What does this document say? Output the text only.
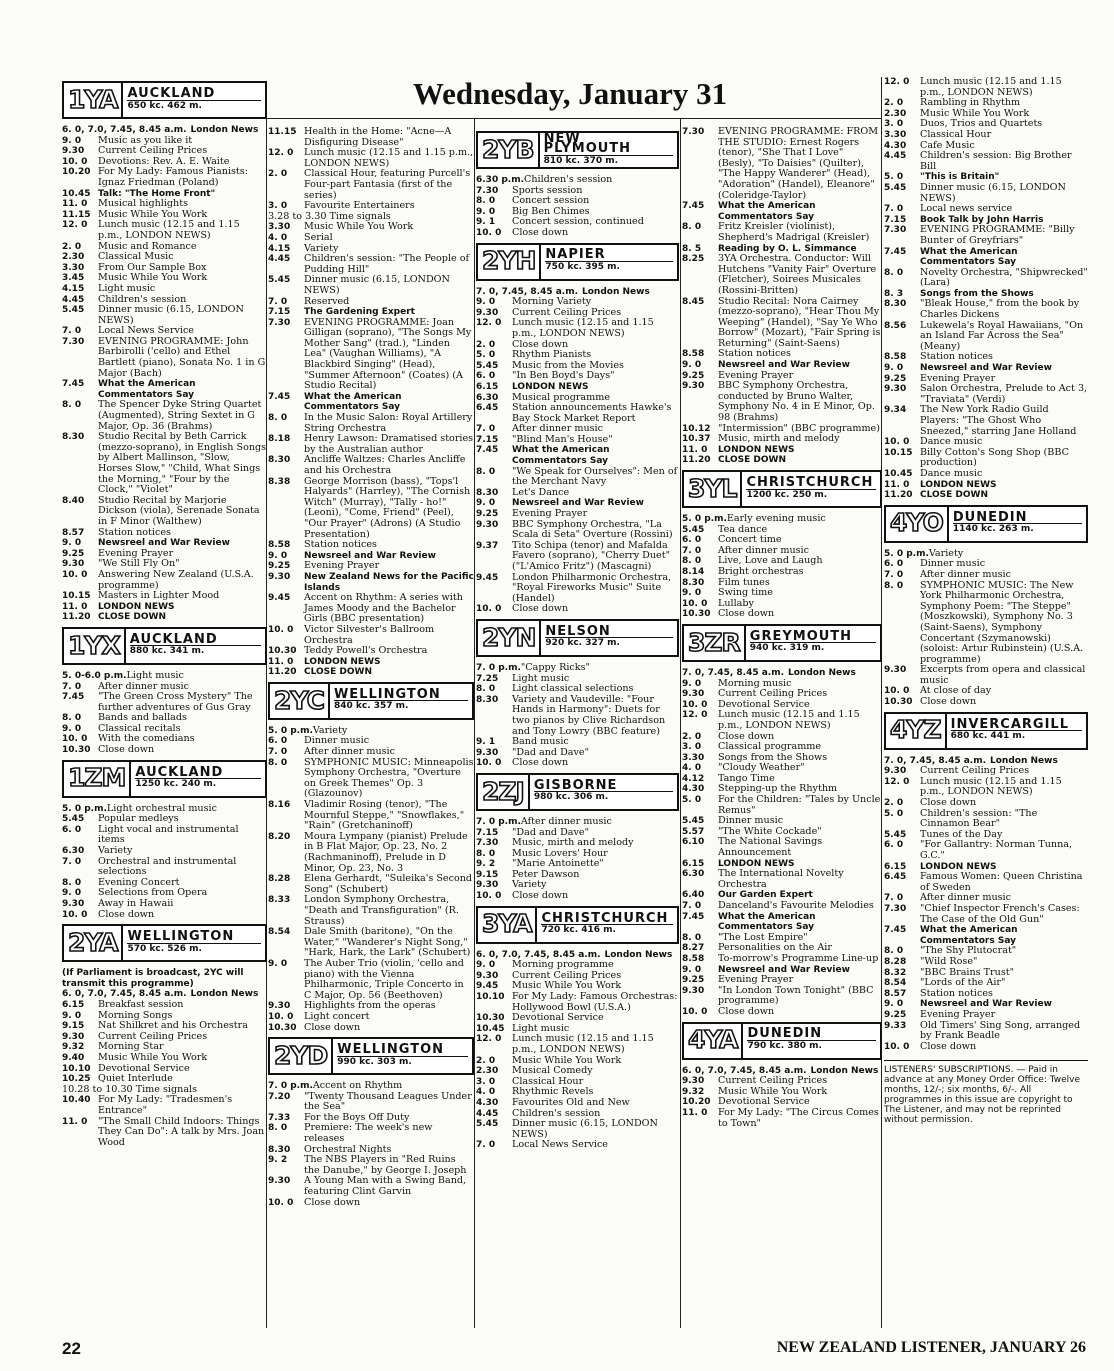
Wednesday, January 31
1YA AUCKLAND
650 kc. 462 m.
6. 0, 7.0, 7.45, 8.45 a.m. London News
9. 0	Music as you like it
9.30	Current Ceiling Prices
10. 0	Devotions: Rev. A. E. Waite
10.20 For My Lady: Famous Pianists: Ignaz Friedman (Poland)
10.45 Talk: "The Home Front"
11. 0	Musical highlights
11.15 Music While You Work
12. 0	Lunch music (12.15 and 1.15 p.m., LONDON NEWS)
2. 0	Music and Romance
2.30	Classical Music
3.30	From Our Sample Box
3.45	Music While You Work
4.15	Light music
4.45	Children's session
5.45	Dinner music (6.15, LONDON NEWS)
7. 0	Local News Service
7.30	EVENING PROGRAMME: John Barbirolli ('cello) and Ethel Bartlett (piano), Sonata No. 1 in G Major (Bach)
7.45	What the American Commentators Say
8. 0	The Spencer Dyke String Quartet (Augmented), String Sextet in G Major, Op. 36 (Brahms)
8.30	Studio Recital by Beth Carrick (mezzo-soprano), in English Songs by Albert Mallinson, "Slow, Horses Slow," "Child, What Sings the Morning," "Four by the Clock," "Violet"
8.40	Studio Recital by Marjorie Dickson (viola), Serenade Sonata in F Minor (Walthew)
8.57	Station notices
9. 0	Newsreel and War Review
9.25	Evening Prayer
9.30	"We Still Fly On"
10. 0	Answering New Zealand (U.S.A. programme)
10.15 Masters in Lighter Mood
11. 0	LONDON NEWS
11.20 CLOSE DOWN
1YX AUCKLAND
880 kc. 341 m.
5. 0-6.0 p.m. Light music
7. 0	After dinner music
7.45	"The Green Cross Mystery" The further adventures of Gus Gray
8. 0	Bands and ballads
9. 0	Classical recitals
10. 0	With the comedians
10.30 Close down
1ZM AUCKLAND
1250 kc. 240 m.
5. 0 p.m. Light orchestral music
5.45	Popular medleys
6. 0	Light vocal and instrumental items
6.30	Variety
7. 0	Orchestral and instrumental selections
8. 0	Evening Concert
9. 0	Selections from Opera
9.30	Away in Hawaii
10. 0	Close down
2YA WELLINGTON
570 kc. 526 m.
(If Parliament is broadcast, 2YC will transmit this programme)
6. 0, 7.0, 7.45, 8.45 a.m. London News
6.15	Breakfast session
9. 0	Morning Songs
9.15	Nat Shilkret and his Orchestra
9.30	Current Ceiling Prices
9.32	Morning Star
9.40	Music While You Work
10.10 Devotional Service
10.25 Quiet Interlude
10.28 to 10.30 Time signals
10.40 For My Lady: "Tradesmen's Entrance"
11. 0	"The Small Child Indoors: Things They Can Do": A talk by Mrs. Joan Wood
11.15 Health in the Home: "Acne—A Disfiguring Disease"
12. 0	Lunch music (12.15 and 1.15 p.m., LONDON NEWS)
2. 0	Classical Hour, featuring Purcell's Four-part Fantasia (first of the series)
3. 0	Favourite Entertainers
3.28 to 3.30 Time signals
3.30	Music While You Work
4. 0	Serial
4.15	Variety
4.45	Children's session: "The People of Pudding Hill"
5.45	Dinner music (6.15, LONDON NEWS)
7. 0	Reserved
7.15	The Gardening Expert
7.30	EVENING PROGRAMME: Joan Gilligan (soprano), "The Songs My Mother Sang" (trad.), "Linden Lea" (Vaughan Williams), "A Blackbird Singing" (Head), "Summer Afternoon" (Coates) (A Studio Recital)
7.45	What the American Commentators Say
8. 0	In the Music Salon: Royal Artillery String Orchestra
8.18	Henry Lawson: Dramatised stories by the Australian author
8.30	Ancliffe Waltzes: Charles Ancliffe and his Orchestra
8.38	George Morrison (bass), "Tops'l Halyards" (Harrley), "The Cornish Witch" (Murray), "Tally - ho!" (Leoni), "Come, Friend" (Peel), "Our Prayer" (Adrons) (A Studio Presentation)
8.58	Station notices
9. 0	Newsreel and War Review
9.25	Evening Prayer
9.30	New Zealand News for the Pacific Islands
9.45	Accent on Rhythm: A series with James Moody and the Bachelor Girls (BBC presentation)
10. 0	Victor Silvester's Ballroom Orchestra
10.30 Teddy Powell's Orchestra
11. 0	LONDON NEWS
11.20 CLOSE DOWN
2YC WELLINGTON
840 kc. 357 m.
5. 0 p.m. Variety
6. 0	Dinner music
7. 0	After dinner music
8. 0	SYMPHONIC MUSIC: Minneapolis Symphony Orchestra, "Overture on Greek Themes" Op. 3 (Glazounov)
8.16	Vladimir Rosing (tenor), "The Mournful Steppe," "Snowflakes," "Rain" (Gretchaninoff)
8.20	Moura Lympany (pianist) Prelude in B Flat Major, Op. 23, No. 2 (Rachmaninoff), Prelude in D Minor, Op. 23, No. 3
8.28	Elena Gerhardt, "Suleika's Second Song" (Schubert)
8.33	London Symphony Orchestra, "Death and Transfiguration" (R. Strauss)
8.54	Dale Smith (baritone), "On the Water," "Wanderer's Night Song," "Hark, Hark, the Lark" (Schubert)
9. 0	The Auber Trio (violin, 'cello and piano) with the Vienna Philharmonic, Triple Concerto in C Major, Op. 56 (Beethoven)
9.30	Highlights from the operas
10. 0	Light concert
10.30 Close down
2YD WELLINGTON
990 kc. 303 m.
7. 0 p.m. Accent on Rhythm
7.20	"Twenty Thousand Leagues Under the Sea"
7.33	For the Boys Off Duty
8. 0	Premiere: The week's new releases
8.30	Orchestral Nights
9. 2	The NBS Players in "Red Ruins the Danube," by George I. Joseph
9.30	A Young Man with a Swing Band, featuring Clint Garvin
10. 0	Close down
2YB NEW PLYMOUTH
810 kc. 370 m.
6.30 p.m. Children's session
7.30	Sports session
8. 0	Concert session
9. 0	Big Ben Chimes
9. 1	Concert session, continued
10. 0	Close down
2YH NAPIER
750 kc. 395 m.
7. 0, 7.45, 8.45 a.m. London News
9. 0	Morning Variety
9.30	Current Ceiling Prices
12. 0	Lunch music (12.15 and 1.15 p.m., LONDON NEWS)
2. 0	Close down
5. 0	Rhythm Pianists
5.45	Music from the Movies
6. 0	"In Ben Boyd's Days"
6.15	LONDON NEWS
6.30	Musical programme
6.45	Station announcements Hawke's Bay Stock Market Report
7. 0	After dinner music
7.15	"Blind Man's House"
7.45	What the American Commentators Say
8. 0	"We Speak for Ourselves": Men of the Merchant Navy
8.30	Let's Dance
9. 0	Newsreel and War Review
9.25	Evening Prayer
9.30	BBC Symphony Orchestra, "La Scala di Seta" Overture (Rossini)
9.37	Tito Schipa (tenor) and Mafalda Favero (soprano), "Cherry Duet" ("L'Amico Fritz") (Mascagni)
9.45	London Philharmonic Orchestra, "Royal Fireworks Music" Suite (Handel)
10. 0	Close down
2YN NELSON
920 kc. 327 m.
7. 0 p.m. "Cappy Ricks"
7.25	Light music
8. 0	Light classical selections
8.30	Variety and Vaudeville: "Four Hands in Harmony": Duets for two pianos by Clive Richardson and Tony Lowry (BBC feature)
9. 1	Band music
9.30	"Dad and Dave"
10. 0	Close down
2ZJ GISBORNE
980 kc. 306 m.
7. 0 p.m. After dinner music
7.15	"Dad and Dave"
7.30	Music, mirth and melody
8. 0	Music Lovers' Hour
9. 2	"Marie Antoinette"
9.15	Peter Dawson
9.30	Variety
10. 0	Close down
3YA CHRISTCHURCH
720 kc. 416 m.
6. 0, 7.0, 7.45, 8.45 a.m. London News
9. 0	Morning programme
9.30	Current Ceiling Prices
9.45	Music While You Work
10.10 For My Lady: Famous Orchestras: Hollywood Bowl (U.S.A.)
10.30 Devotional Service
10.45 Light music
12. 0	Lunch music (12.15 and 1.15 p.m., LONDON NEWS)
2. 0	Music While You Work
2.30	Musical Comedy
3. 0	Classical Hour
4. 0	Rhythmic Revels
4.30	Favourites Old and New
4.45	Children's session
5.45	Dinner music (6.15, LONDON NEWS)
7. 0	Local News Service
7.30	EVENING PROGRAMME: FROM THE STUDIO: Ernest Rogers (tenor), "She That I Love" (Besly), "To Daisies" (Quilter), "The Happy Wanderer" (Head), "Adoration" (Handel), Eleanore" (Coleridge-Taylor)
7.45	What the American Commentators Say
8. 0	Fritz Kreisler (violinist), Shepherd's Madrigal (Kreisler)
8. 5	Reading by O. L. Simmance
8.25	3YA Orchestra. Conductor: Will Hutchens "Vanity Fair" Overture (Fletcher), Soirees Musicales (Rossini-Britten)
8.45	Studio Recital: Nora Cairney (mezzo-soprano), "Hear Thou My Weeping" (Handel), "Say Ye Who Borrow" (Mozart), "Fair Spring is Returning" (Saint-Saens)
8.58	Station notices
9. 0	Newsreel and War Review
9.25	Evening Prayer
9.30	BBC Symphony Orchestra, conducted by Bruno Walter, Symphony No. 4 in E Minor, Op. 98 (Brahms)
10.12 "Intermission" (BBC programme)
10.37 Music, mirth and melody
11. 0	LONDON NEWS
11.20 CLOSE DOWN
3YL CHRISTCHURCH
1200 kc. 250 m.
5. 0 p.m. Early evening music
5.45	Tea dance
6. 0	Concert time
7. 0	After dinner music
8. 0	Live, Love and Laugh
8.14	Bright orchestras
8.30	Film tunes
9. 0	Swing time
10. 0	Lullaby
10.30 Close down
3ZR GREYMOUTH
940 kc. 319 m.
7. 0, 7.45, 8.45 a.m. London News
9. 0	Morning music
9.30	Current Ceiling Prices
10. 0	Devotional Service
12. 0	Lunch music (12.15 and 1.15 p.m., LONDON NEWS)
2. 0	Close down
3. 0	Classical programme
3.30	Songs from the Shows
4. 0	"Cloudy Weather"
4.12	Tango Time
4.30	Stepping-up the Rhythm
5. 0	For the Children: "Tales by Uncle Remus"
5.45	Dinner music
5.57	"The White Cockade"
6.10	The National Savings Announcement
6.15	LONDON NEWS
6.30	The International Novelty Orchestra
6.40	Our Garden Expert
7. 0	Danceland's Favourite Melodies
7.45	What the American Commentators Say
8. 0	"The Lost Empire"
8.27	Personalities on the Air
8.58	To-morrow's Programme Line-up
9. 0	Newsreel and War Review
9.25	Evening Prayer
9.30	"In London Town Tonight" (BBC programme)
10. 0	Close down
4YA DUNEDIN
790 kc. 380 m.
6. 0, 7.0, 7.45, 8.45 a.m. London News
9.30	Current Ceiling Prices
9.32	Music While You Work
10.20 Devotional Service
11. 0	For My Lady: "The Circus Comes to Town"
12. 0	Lunch music (12.15 and 1.15 p.m., LONDON NEWS)
2. 0	Rambling in Rhythm
2.30	Music While You Work
3. 0	Duos, Trios and Quartets
3.30	Classical Hour
4.30	Cafe Music
4.45	Children's session: Big Brother Bill
5. 0	"This is Britain"
5.45	Dinner music (6.15, LONDON NEWS)
7. 0	Local news service
7.15	Book Talk by John Harris
7.30	EVENING PROGRAMME: "Billy Bunter of Greyfriars"
7.45	What the American Commentators Say
8. 0	Novelty Orchestra, "Shipwrecked" (Lara)
8. 3	Songs from the Shows
8.30	"Bleak House," from the book by Charles Dickens
8.56	Lukewela's Royal Hawaiians, "On an Island Far Across the Sea" (Meany)
8.58	Station notices
9. 0	Newsreel and War Review
9.25	Evening Prayer
9.30	Salon Orchestra, Prelude to Act 3, "Traviata" (Verdi)
9.34	The New York Radio Guild Players: "The Ghost Who Sneezed," starring Jane Holland
10. 0	Dance music
10.15 Billy Cotton's Song Shop (BBC production)
10.45 Dance music
11. 0	LONDON NEWS
11.20 CLOSE DOWN
4YO DUNEDIN
1140 kc. 263 m.
5. 0 p.m. Variety
6. 0	Dinner music
7. 0	After dinner music
8. 0	SYMPHONIC MUSIC: The New York Philharmonic Orchestra, Symphony Poem: "The Steppe" (Moszkowski), Symphony No. 3 (Saint-Saens), Symphony Concertant (Szymanowski) (soloist: Artur Rubinstein) (U.S.A. programme)
9.30	Excerpts from opera and classical music
10. 0	At close of day
10.30 Close down
4YZ INVERCARGILL
680 kc. 441 m.
7. 0, 7.45, 8.45 a.m. London News
9.30	Current Ceiling Prices
12. 0	Lunch music (12.15 and 1.15 p.m., LONDON NEWS)
2. 0	Close down
5. 0	Children's session: "The Cinnamon Bear"
5.45	Tunes of the Day
6. 0	"For Gallantry: Norman Tunna, G.C."
6.15	LONDON NEWS
6.45	Famous Women: Queen Christina of Sweden
7. 0	After dinner music
7.30	"Chief Inspector French's Cases: The Case of the Old Gun"
7.45	What the American Commentators Say
8. 0	"The Shy Plutocrat"
8.28	"Wild Rose"
8.32	"BBC Brains Trust"
8.54	"Lords of the Air"
8.57	Station notices
9. 0	Newsreel and War Review
9.25	Evening Prayer
9.33	Old Timers' Sing Song, arranged by Frank Beadle
10. 0	Close down
LISTENERS' SUBSCRIPTIONS. — Paid in advance at any Money Order Office: Twelve months, 12/-; six months, 6/-. All programmes in this issue are copyright to The Listener, and may not be reprinted without permission.
22	NEW ZEALAND LISTENER, JANUARY 26
